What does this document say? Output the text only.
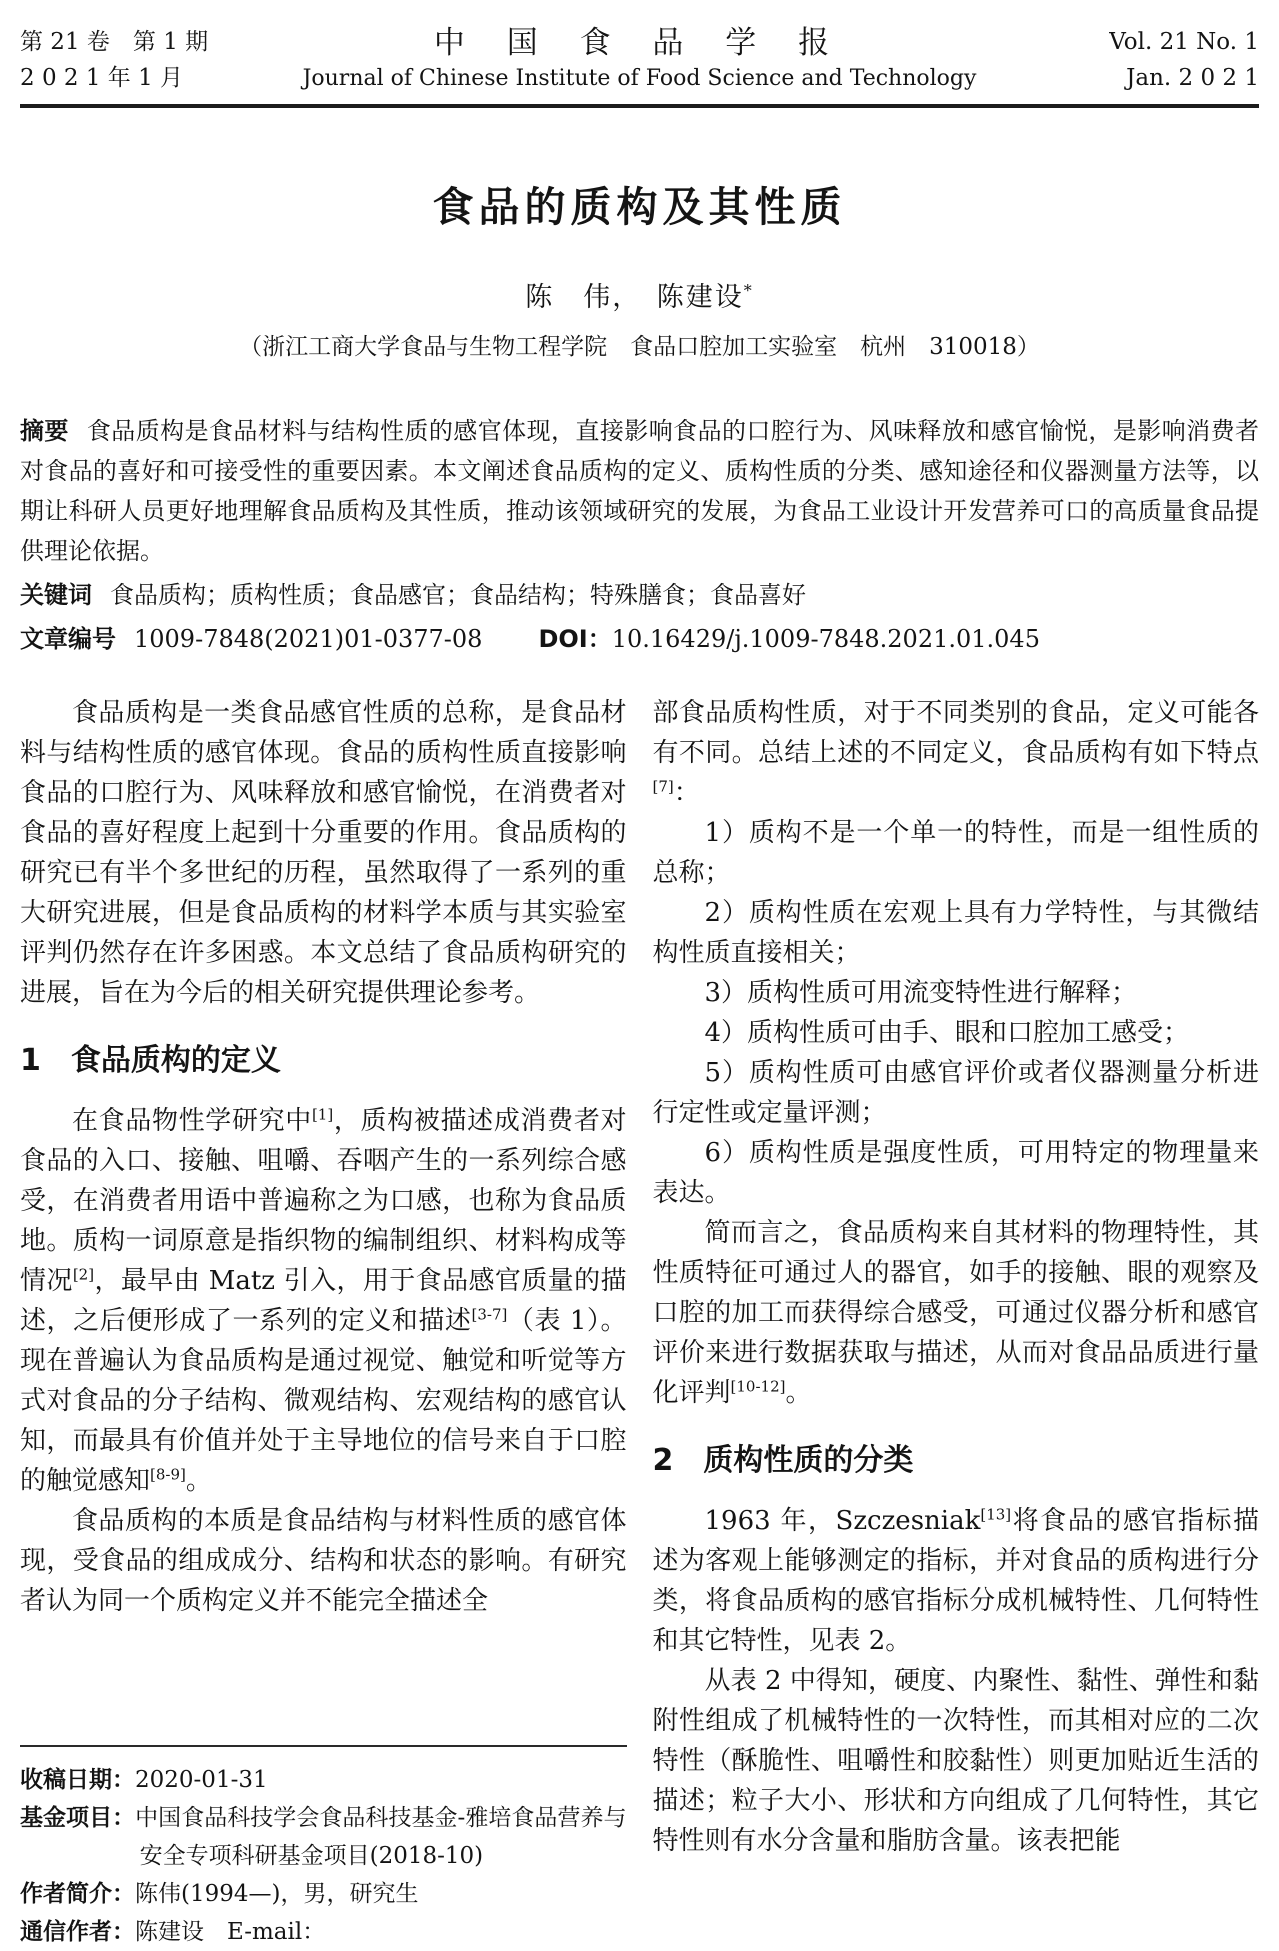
第 21 卷　第 1 期
2 0 2 1 年 1 月
中 国 食 品 学 报
Journal of Chinese Institute of Food Science and Technology
Vol. 21 No. 1
Jan. 2 0 2 1
食品的质构及其性质
陈　伟，　陈建设*
（浙江工商大学食品与生物工程学院　食品口腔加工实验室　杭州　310018）
摘要 食品质构是食品材料与结构性质的感官体现，直接影响食品的口腔行为、风味释放和感官愉悦，是影响消费者对食品的喜好和可接受性的重要因素。本文阐述食品质构的定义、质构性质的分类、感知途径和仪器测量方法等，以期让科研人员更好地理解食品质构及其性质，推动该领域研究的发展，为食品工业设计开发营养可口的高质量食品提供理论依据。
关键词 食品质构；质构性质；食品感官；食品结构；特殊膳食；食品喜好
文章编号 1009-7848(2021)01-0377-08 DOI：10.16429/j.1009-7848.2021.01.045

食品质构是一类食品感官性质的总称，是食品材料与结构性质的感官体现。食品的质构性质直接影响食品的口腔行为、风味释放和感官愉悦，在消费者对食品的喜好程度上起到十分重要的作用。食品质构的研究已有半个多世纪的历程，虽然取得了一系列的重大研究进展，但是食品质构的材料学本质与其实验室评判仍然存在许多困惑。本文总结了食品质构研究的进展，旨在为今后的相关研究提供理论参考。

1 食品质构的定义

在食品物性学研究中[1]，质构被描述成消费者对食品的入口、接触、咀嚼、吞咽产生的一系列综合感受，在消费者用语中普遍称之为口感，也称为食品质地。质构一词原意是指织物的编制组织、材料构成等情况[2]，最早由 Matz 引入，用于食品感官质量的描述，之后便形成了一系列的定义和描述[3-7]（表 1）。现在普遍认为食品质构是通过视觉、触觉和听觉等方式对食品的分子结构、微观结构、宏观结构的感官认知，而最具有价值并处于主导地位的信号来自于口腔的触觉感知[8-9]。

食品质构的本质是食品结构与材料性质的感官体现，受食品的组成成分、结构和状态的影响。有研究者认为同一个质构定义并不能完全描述全

收稿日期：2020-01-31
基金项目：中国食品科技学会食品科技基金-雅培食品营养与安全专项科研基金项目(2018-10)
作者简介：陈伟(1994—)，男，研究生
通信作者：陈建设　E-mail：

部食品质构性质，对于不同类别的食品，定义可能各有不同。总结上述的不同定义，食品质构有如下特点[7]：

1）质构不是一个单一的特性，而是一组性质的总称；

2）质构性质在宏观上具有力学特性，与其微结构性质直接相关；

3）质构性质可用流变特性进行解释；

4）质构性质可由手、眼和口腔加工感受；

5）质构性质可由感官评价或者仪器测量分析进行定性或定量评测；

6）质构性质是强度性质，可用特定的物理量来表达。

简而言之，食品质构来自其材料的物理特性，其性质特征可通过人的器官，如手的接触、眼的观察及口腔的加工而获得综合感受，可通过仪器分析和感官评价来进行数据获取与描述，从而对食品品质进行量化评判[10-12]。

2 质构性质的分类

1963 年，Szczesniak[13]将食品的感官指标描述为客观上能够测定的指标，并对食品的质构进行分类，将食品质构的感官指标分成机械特性、几何特性和其它特性，见表 2。

从表 2 中得知，硬度、内聚性、黏性、弹性和黏附性组成了机械特性的一次特性，而其相对应的二次特性（酥脆性、咀嚼性和胶黏性）则更加贴近生活的描述；粒子大小、形状和方向组成了几何特性，其它特性则有水分含量和脂肪含量。该表把能
